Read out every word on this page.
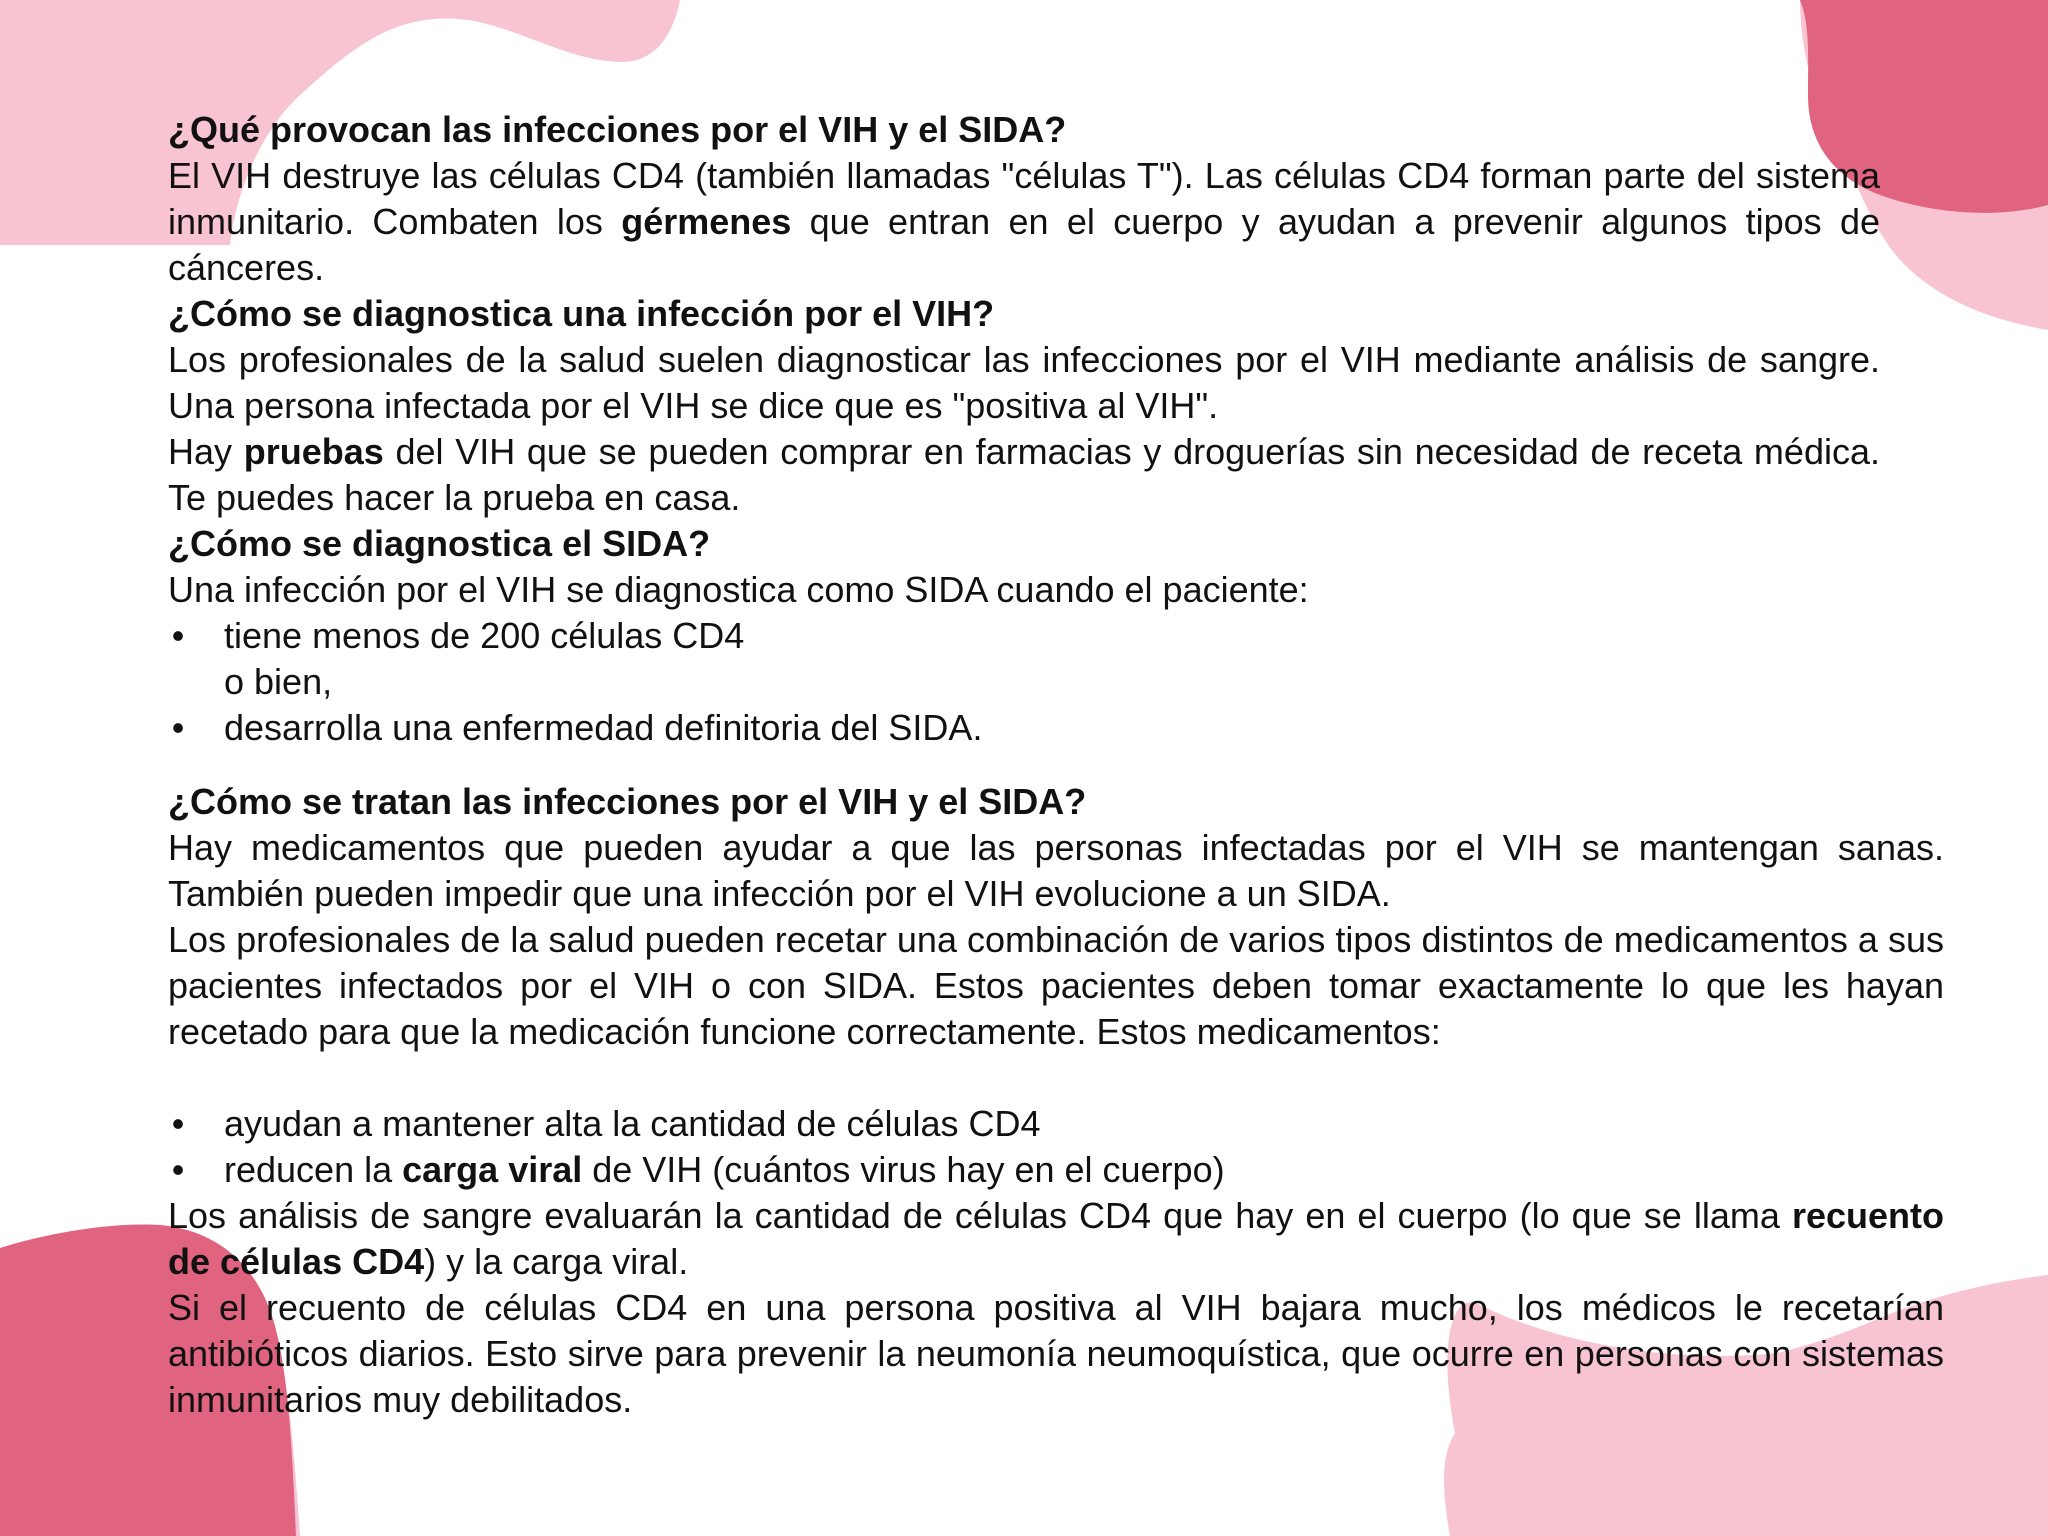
¿Qué provocan las infecciones por el VIH y el SIDA?
El VIH destruye las células CD4 (también llamadas "células T"). Las células CD4 forman parte del sistema inmunitario. Combaten los gérmenes que entran en el cuerpo y ayudan a prevenir algunos tipos de cánceres.
¿Cómo se diagnostica una infección por el VIH?
Los profesionales de la salud suelen diagnosticar las infecciones por el VIH mediante análisis de sangre. Una persona infectada por el VIH se dice que es "positiva al VIH".
Hay pruebas del VIH que se pueden comprar en farmacias y droguerías sin necesidad de receta médica. Te puedes hacer la prueba en casa.
¿Cómo se diagnostica el SIDA?
Una infección por el VIH se diagnostica como SIDA cuando el paciente:
• tiene menos de 200 células CD4
o bien,
• desarrolla una enfermedad definitoria del SIDA.
¿Cómo se tratan las infecciones por el VIH y el SIDA?
Hay medicamentos que pueden ayudar a que las personas infectadas por el VIH se mantengan sanas. También pueden impedir que una infección por el VIH evolucione a un SIDA.
Los profesionales de la salud pueden recetar una combinación de varios tipos distintos de medicamentos a sus pacientes infectados por el VIH o con SIDA. Estos pacientes deben tomar exactamente lo que les hayan recetado para que la medicación funcione correctamente. Estos medicamentos:
• ayudan a mantener alta la cantidad de células CD4
• reducen la carga viral de VIH (cuántos virus hay en el cuerpo)
Los análisis de sangre evaluarán la cantidad de células CD4 que hay en el cuerpo (lo que se llama recuento de células CD4) y la carga viral.
Si el recuento de células CD4 en una persona positiva al VIH bajara mucho, los médicos le recetarían antibióticos diarios. Esto sirve para prevenir la neumonía neumoquística, que ocurre en personas con sistemas inmunitarios muy debilitados.
